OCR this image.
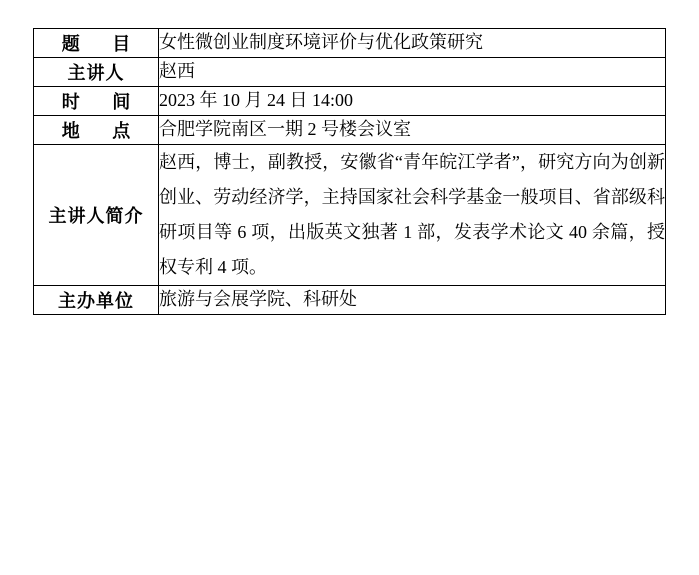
题 目	女性微创业制度环境评价与优化政策研究
主讲人	赵西
时 间	2023 年 10 月 24 日 14:00
地 点	合肥学院南区一期 2 号楼会议室
主讲人简介	赵西，博士，副教授，安徽省“青年皖江学者”，研究方向为创新创业、劳动经济学，主持国家社会科学基金一般项目、省部级科研项目等 6 项，出版英文独著 1 部，发表学术论文 40 余篇，授权专利 4 项。

主办单位	旅游与会展学院、科研处
